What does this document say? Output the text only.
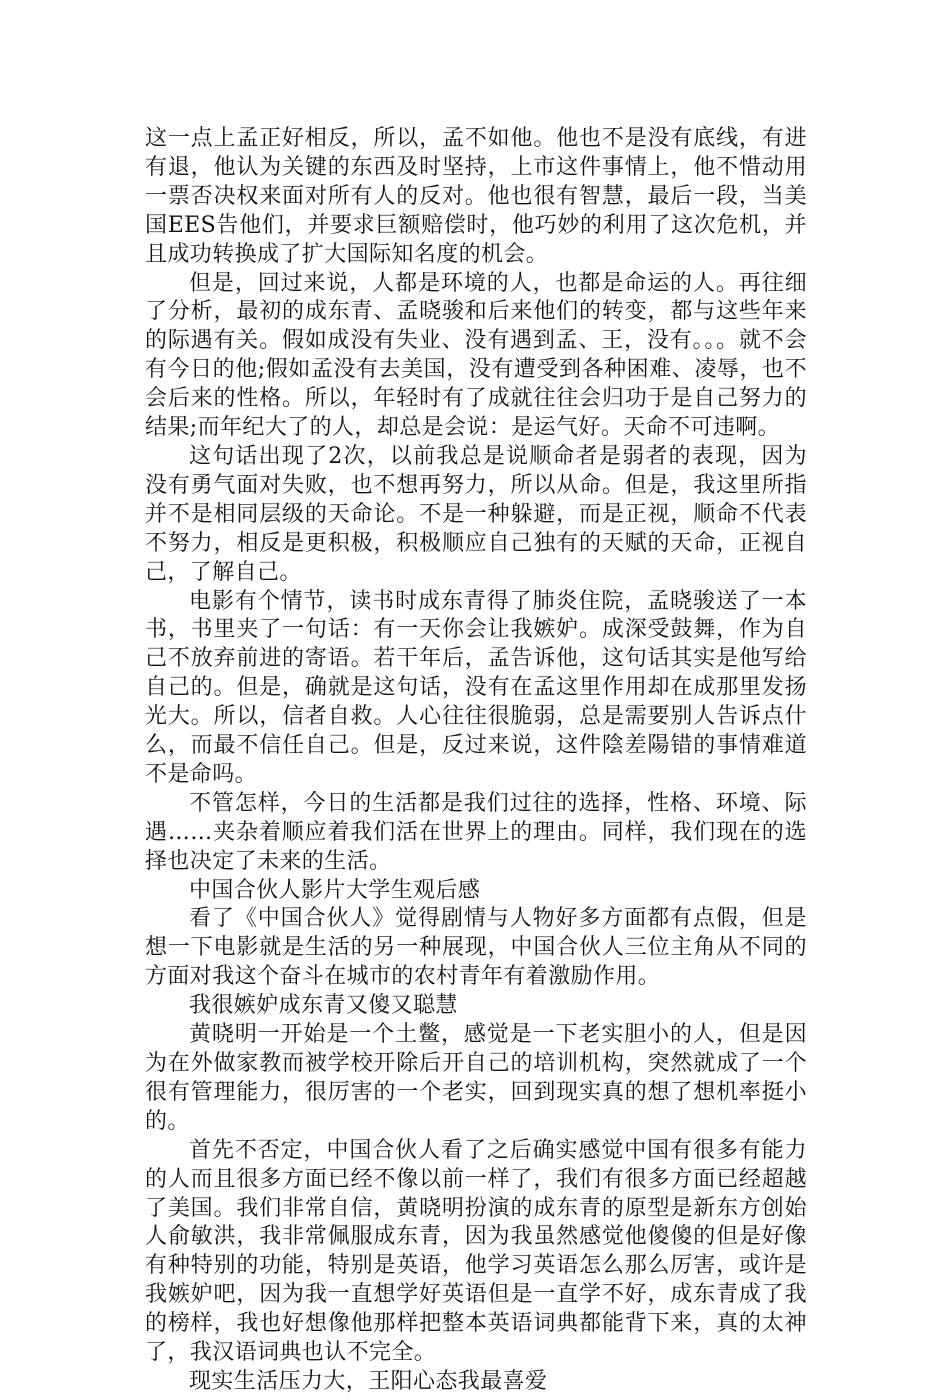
这一点上孟正好相反，所以，孟不如他。他也不是没有底线，有进有退，他认为关键的东西及时坚持，上市这件事情上，他不惜动用一票否决权来面对所有人的反对。他也很有智慧，最后一段，当美国EES告他们，并要求巨额赔偿时，他巧妙的利用了这次危机，并且成功转换成了扩大国际知名度的机会。

但是，回过来说，人都是环境的人，也都是命运的人。再往细了分析，最初的成东青、孟晓骏和后来他们的转变，都与这些年来的际遇有关。假如成没有失业、没有遇到孟、王，没有。。。就不会有今日的他;假如孟没有去美国，没有遭受到各种困难、凌辱，也不会后来的性格。所以，年轻时有了成就往往会归功于是自己努力的结果;而年纪大了的人，却总是会说：是运气好。天命不可违啊。

这句话出现了2次，以前我总是说顺命者是弱者的表现，因为没有勇气面对失败，也不想再努力，所以从命。但是，我这里所指并不是相同层级的天命论。不是一种躲避，而是正视，顺命不代表不努力，相反是更积极，积极顺应自己独有的天赋的天命，正视自己，了解自己。

电影有个情节，读书时成东青得了肺炎住院，孟晓骏送了一本书，书里夹了一句话：有一天你会让我嫉妒。成深受鼓舞，作为自己不放弃前进的寄语。若干年后，孟告诉他，这句话其实是他写给自己的。但是，确就是这句话，没有在孟这里作用却在成那里发扬光大。所以，信者自救。人心往往很脆弱，总是需要别人告诉点什么，而最不信任自己。但是，反过来说，这件陰差陽错的事情难道不是命吗。

不管怎样，今日的生活都是我们过往的选择，性格、环境、际遇……夹杂着顺应着我们活在世界上的理由。同样，我们现在的选择也决定了未来的生活。

中国合伙人影片大学生观后感

看了《中国合伙人》觉得剧情与人物好多方面都有点假，但是想一下电影就是生活的另一种展现，中国合伙人三位主角从不同的方面对我这个奋斗在城市的农村青年有着激励作用。

我很嫉妒成东青又傻又聪慧

黄晓明一开始是一个土鳖，感觉是一下老实胆小的人，但是因为在外做家教而被学校开除后开自己的培训机构，突然就成了一个很有管理能力，很厉害的一个老实，回到现实真的想了想机率挺小的。

首先不否定，中国合伙人看了之后确实感觉中国有很多有能力的人而且很多方面已经不像以前一样了，我们有很多方面已经超越了美国。我们非常自信，黄晓明扮演的成东青的原型是新东方创始人俞敏洪，我非常佩服成东青，因为我虽然感觉他傻傻的但是好像有种特别的功能，特别是英语，他学习英语怎么那么厉害，或许是我嫉妒吧，因为我一直想学好英语但是一直学不好，成东青成了我的榜样，我也好想像他那样把整本英语词典都能背下来，真的太神了，我汉语词典也认不完全。

现实生活压力大，王阳心态我最喜爱
